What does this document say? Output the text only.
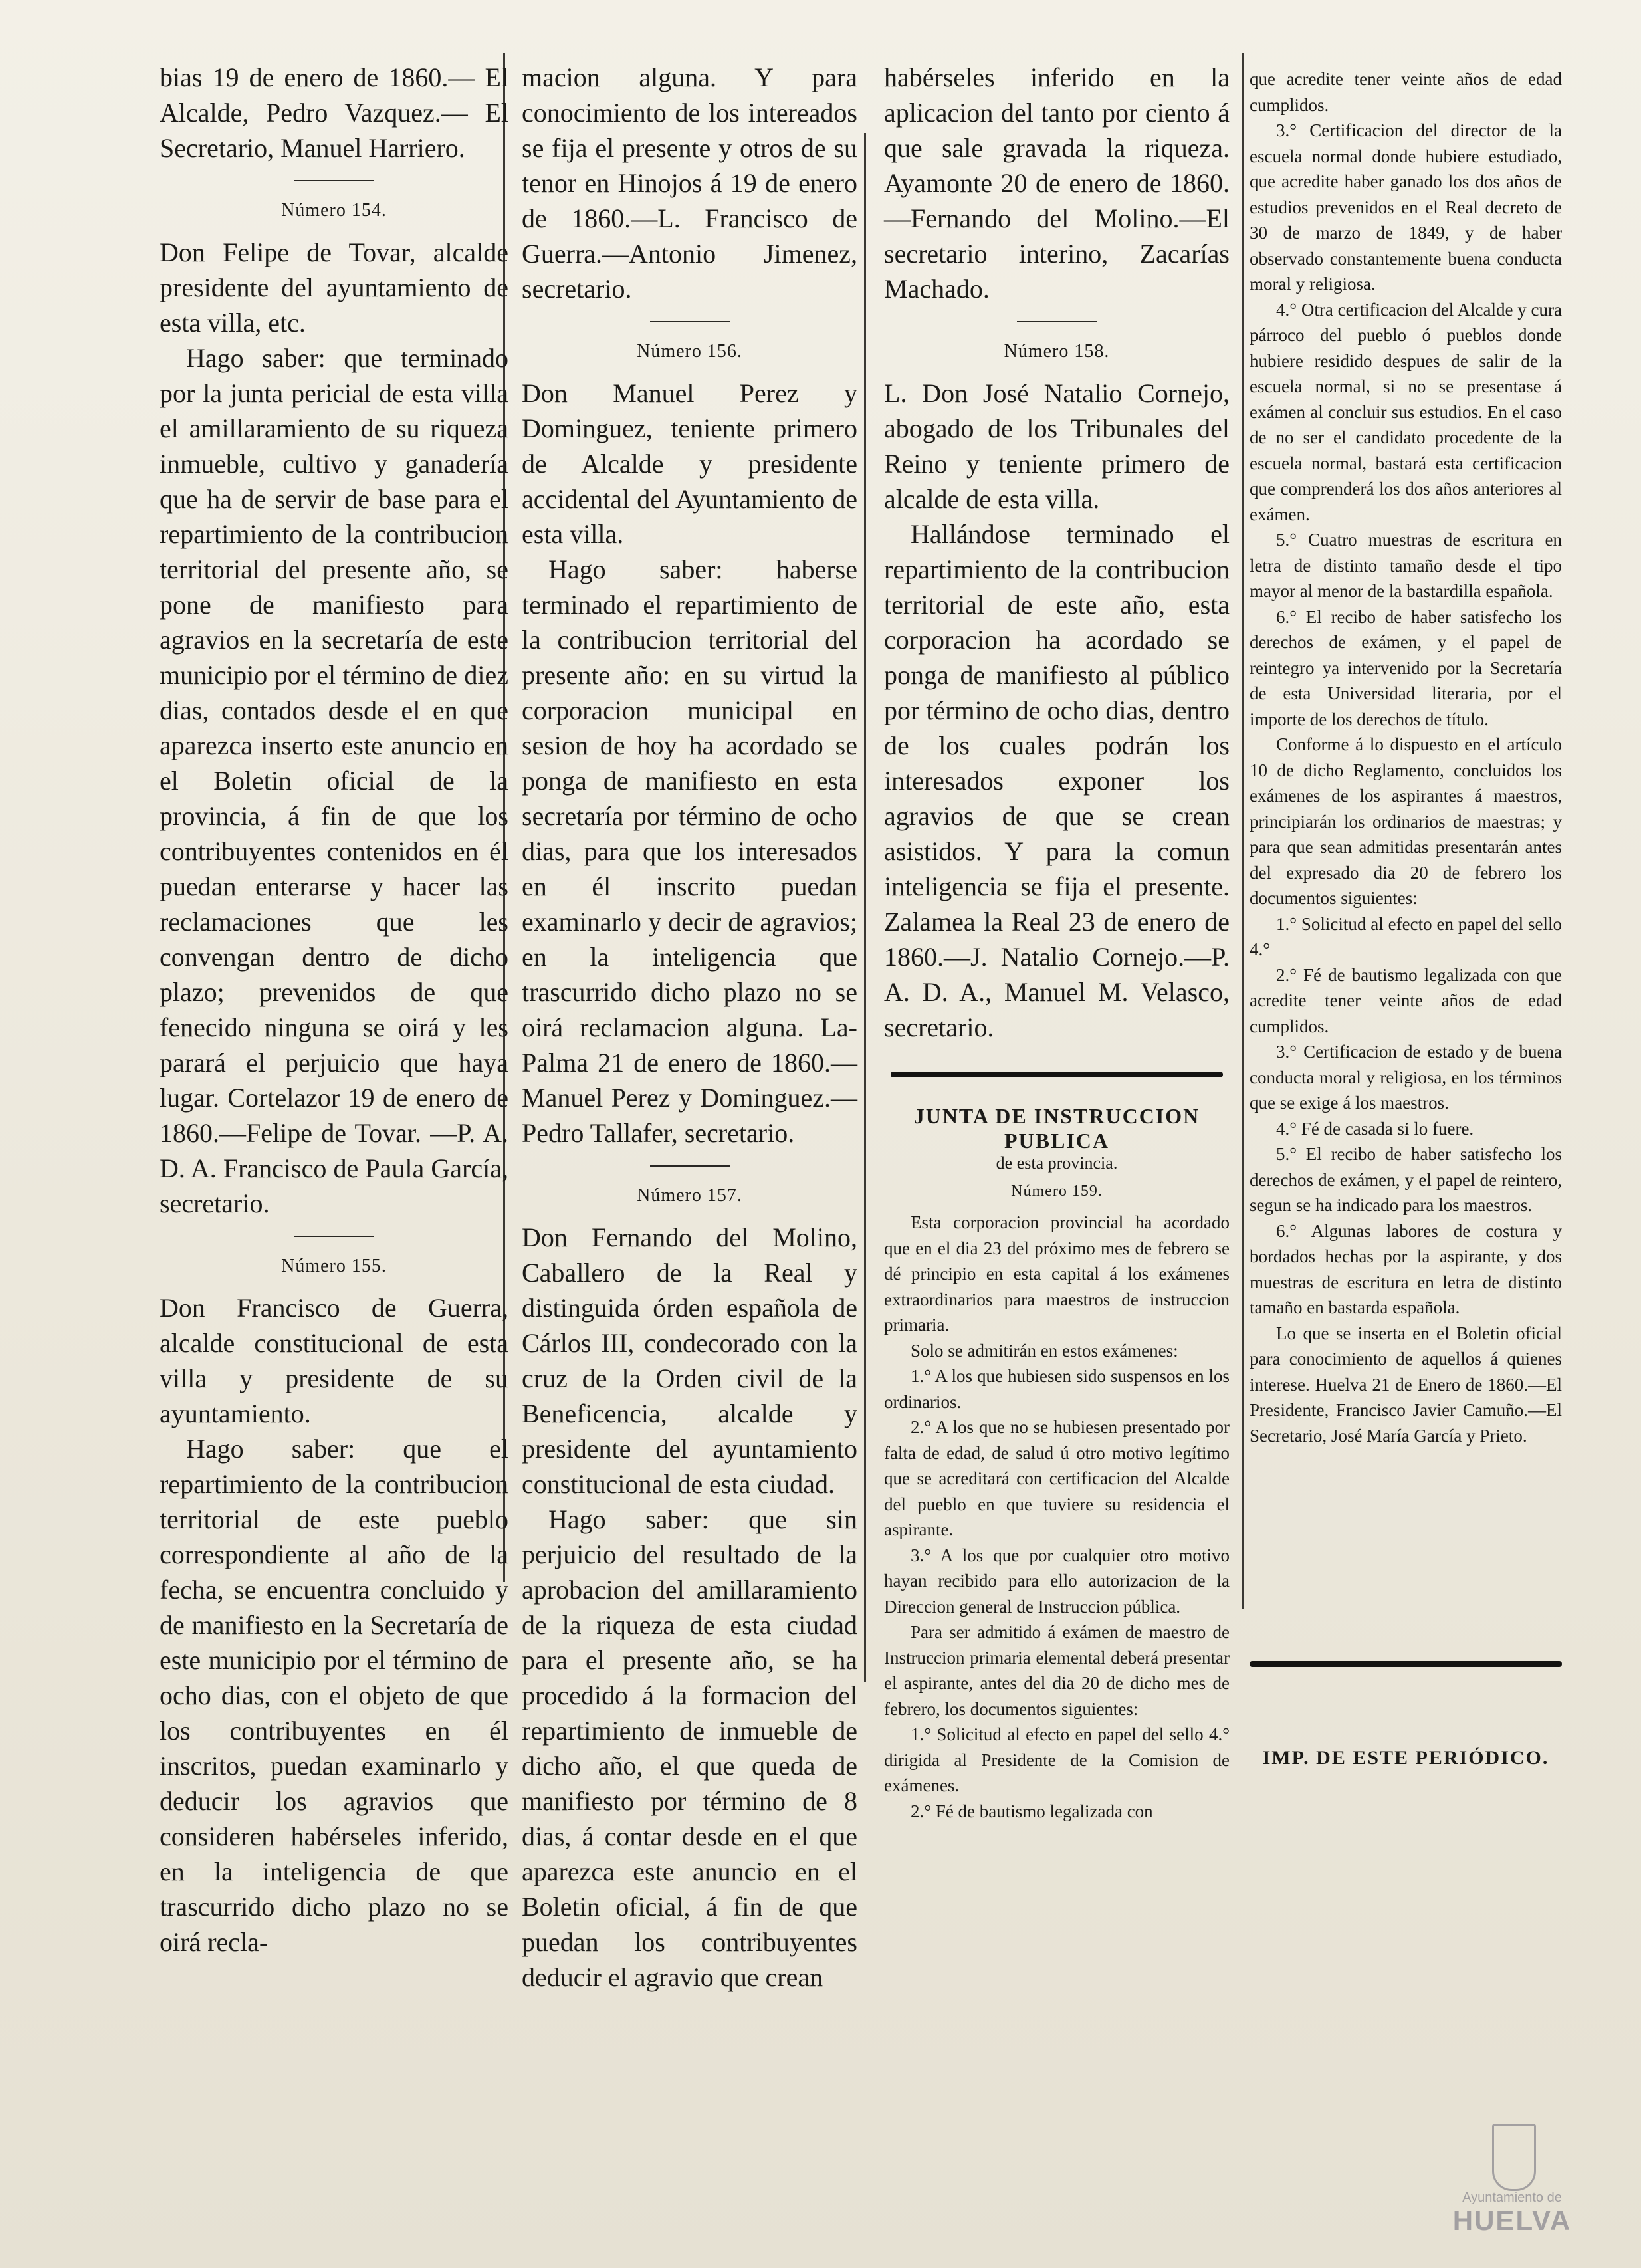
bias 19 de enero de 1860.— El Alcalde, Pedro Vazquez.— El Secretario, Manuel Harriero.

Número 154.

Don Felipe de Tovar, alcalde presidente del ayuntamiento de esta villa, etc.

Hago saber: que terminado por la junta pericial de esta villa el amillaramiento de su riqueza inmueble, cultivo y ganadería que ha de servir de base para el repartimiento de la contribucion territorial del presente año, se pone de manifiesto para agravios en la secretaría de este municipio por el término de diez dias, contados desde el en que aparezca inserto este anuncio en el Boletin oficial de la provincia, á fin de que los contribuyentes contenidos en él puedan enterarse y hacer las reclamaciones que les convengan dentro de dicho plazo; prevenidos de que fenecido ninguna se oirá y les parará el perjuicio que haya lugar. Cortelazor 19 de enero de 1860.—Felipe de Tovar. —P. A. D. A. Francisco de Paula García, secretario.

Número 155.

Don Francisco de Guerra, alcalde constitucional de esta villa y presidente de su ayuntamiento.

Hago saber: que el repartimiento de la contribucion territorial de este pueblo correspondiente al año de la fecha, se encuentra concluido y de manifiesto en la Secretaría de este municipio por el término de ocho dias, con el objeto de que los contribuyentes en él inscritos, puedan examinarlo y deducir los agravios que consideren habérseles inferido, en la inteligencia de que trascurrido dicho plazo no se oirá recla-

macion alguna. Y para conocimiento de los intereados se fija el presente y otros de su tenor en Hinojos á 19 de enero de 1860.—L. Francisco de Guerra.—Antonio Jimenez, secretario.

Número 156.

Don Manuel Perez y Dominguez, teniente primero de Alcalde y presidente accidental del Ayuntamiento de esta villa.

Hago saber: haberse terminado el repartimiento de la contribucion territorial del presente año: en su virtud la corporacion municipal en sesion de hoy ha acordado se ponga de manifiesto en esta secretaría por término de ocho dias, para que los interesados en él inscrito puedan examinarlo y decir de agravios; en la inteligencia que trascurrido dicho plazo no se oirá reclamacion alguna. La-Palma 21 de enero de 1860.—Manuel Perez y Dominguez.— Pedro Tallafer, secretario.

Número 157.

Don Fernando del Molino, Caballero de la Real y distinguida órden española de Cárlos III, condecorado con la cruz de la Orden civil de la Beneficencia, alcalde y presidente del ayuntamiento constitucional de esta ciudad.

Hago saber: que sin perjuicio del resultado de la aprobacion del amillaramiento de la riqueza de esta ciudad para el presente año, se ha procedido á la formacion del repartimiento de inmueble de dicho año, el que queda de manifiesto por término de 8 dias, á contar desde en el que aparezca este anuncio en el Boletin oficial, á fin de que puedan los contribuyentes deducir el agravio que crean

habérseles inferido en la aplicacion del tanto por ciento á que sale gravada la riqueza. Ayamonte 20 de enero de 1860.—Fernando del Molino.—El secretario interino, Zacarías Machado.

Número 158.

L. Don José Natalio Cornejo, abogado de los Tribunales del Reino y teniente primero de alcalde de esta villa.

Hallándose terminado el repartimiento de la contribucion territorial de este año, esta corporacion ha acordado se ponga de manifiesto al público por término de ocho dias, dentro de los cuales podrán los interesados exponer los agravios de que se crean asistidos. Y para la comun inteligencia se fija el presente. Zalamea la Real 23 de enero de 1860.—J. Natalio Cornejo.—P. A. D. A., Manuel M. Velasco, secretario.

JUNTA DE INSTRUCCION PUBLICA
de esta provincia.
Número 159.

Esta corporacion provincial ha acordado que en el dia 23 del próximo mes de febrero se dé principio en esta capital á los exámenes extraordinarios para maestros de instruccion primaria.

Solo se admitirán en estos exámenes:

1.° A los que hubiesen sido suspensos en los ordinarios.

2.° A los que no se hubiesen presentado por falta de edad, de salud ú otro motivo legítimo que se acreditará con certificacion del Alcalde del pueblo en que tuviere su residencia el aspirante.

3.° A los que por cualquier otro motivo hayan recibido para ello autorizacion de la Direccion general de Instruccion pública.

Para ser admitido á exámen de maestro de Instruccion primaria elemental deberá presentar el aspirante, antes del dia 20 de dicho mes de febrero, los documentos siguientes:

1.° Solicitud al efecto en papel del sello 4.° dirigida al Presidente de la Comision de exámenes.

2.° Fé de bautismo legalizada con

que acredite tener veinte años de edad cumplidos.

3.° Certificacion del director de la escuela normal donde hubiere estudiado, que acredite haber ganado los dos años de estudios prevenidos en el Real decreto de 30 de marzo de 1849, y de haber observado constantemente buena conducta moral y religiosa.

4.° Otra certificacion del Alcalde y cura párroco del pueblo ó pueblos donde hubiere residido despues de salir de la escuela normal, si no se presentase á exámen al concluir sus estudios. En el caso de no ser el candidato procedente de la escuela normal, bastará esta certificacion que comprenderá los dos años anteriores al exámen.

5.° Cuatro muestras de escritura en letra de distinto tamaño desde el tipo mayor al menor de la bastardilla española.

6.° El recibo de haber satisfecho los derechos de exámen, y el papel de reintegro ya intervenido por la Secretaría de esta Universidad literaria, por el importe de los derechos de título.

Conforme á lo dispuesto en el artículo 10 de dicho Reglamento, concluidos los exámenes de los aspirantes á maestros, principiarán los ordinarios de maestras; y para que sean admitidas presentarán antes del expresado dia 20 de febrero los documentos siguientes:

1.° Solicitud al efecto en papel del sello 4.°

2.° Fé de bautismo legalizada con que acredite tener veinte años de edad cumplidos.

3.° Certificacion de estado y de buena conducta moral y religiosa, en los términos que se exige á los maestros.

4.° Fé de casada si lo fuere.

5.° El recibo de haber satisfecho los derechos de exámen, y el papel de reintero, segun se ha indicado para los maestros.

6.° Algunas labores de costura y bordados hechas por la aspirante, y dos muestras de escritura en letra de distinto tamaño en bastarda española.

Lo que se inserta en el Boletin oficial para conocimiento de aquellos á quienes interese. Huelva 21 de Enero de 1860.—El Presidente, Francisco Javier Camuño.—El Secretario, José María García y Prieto.

IMP. DE ESTE PERIÓDICO.
Ayuntamiento de
HUELVA
